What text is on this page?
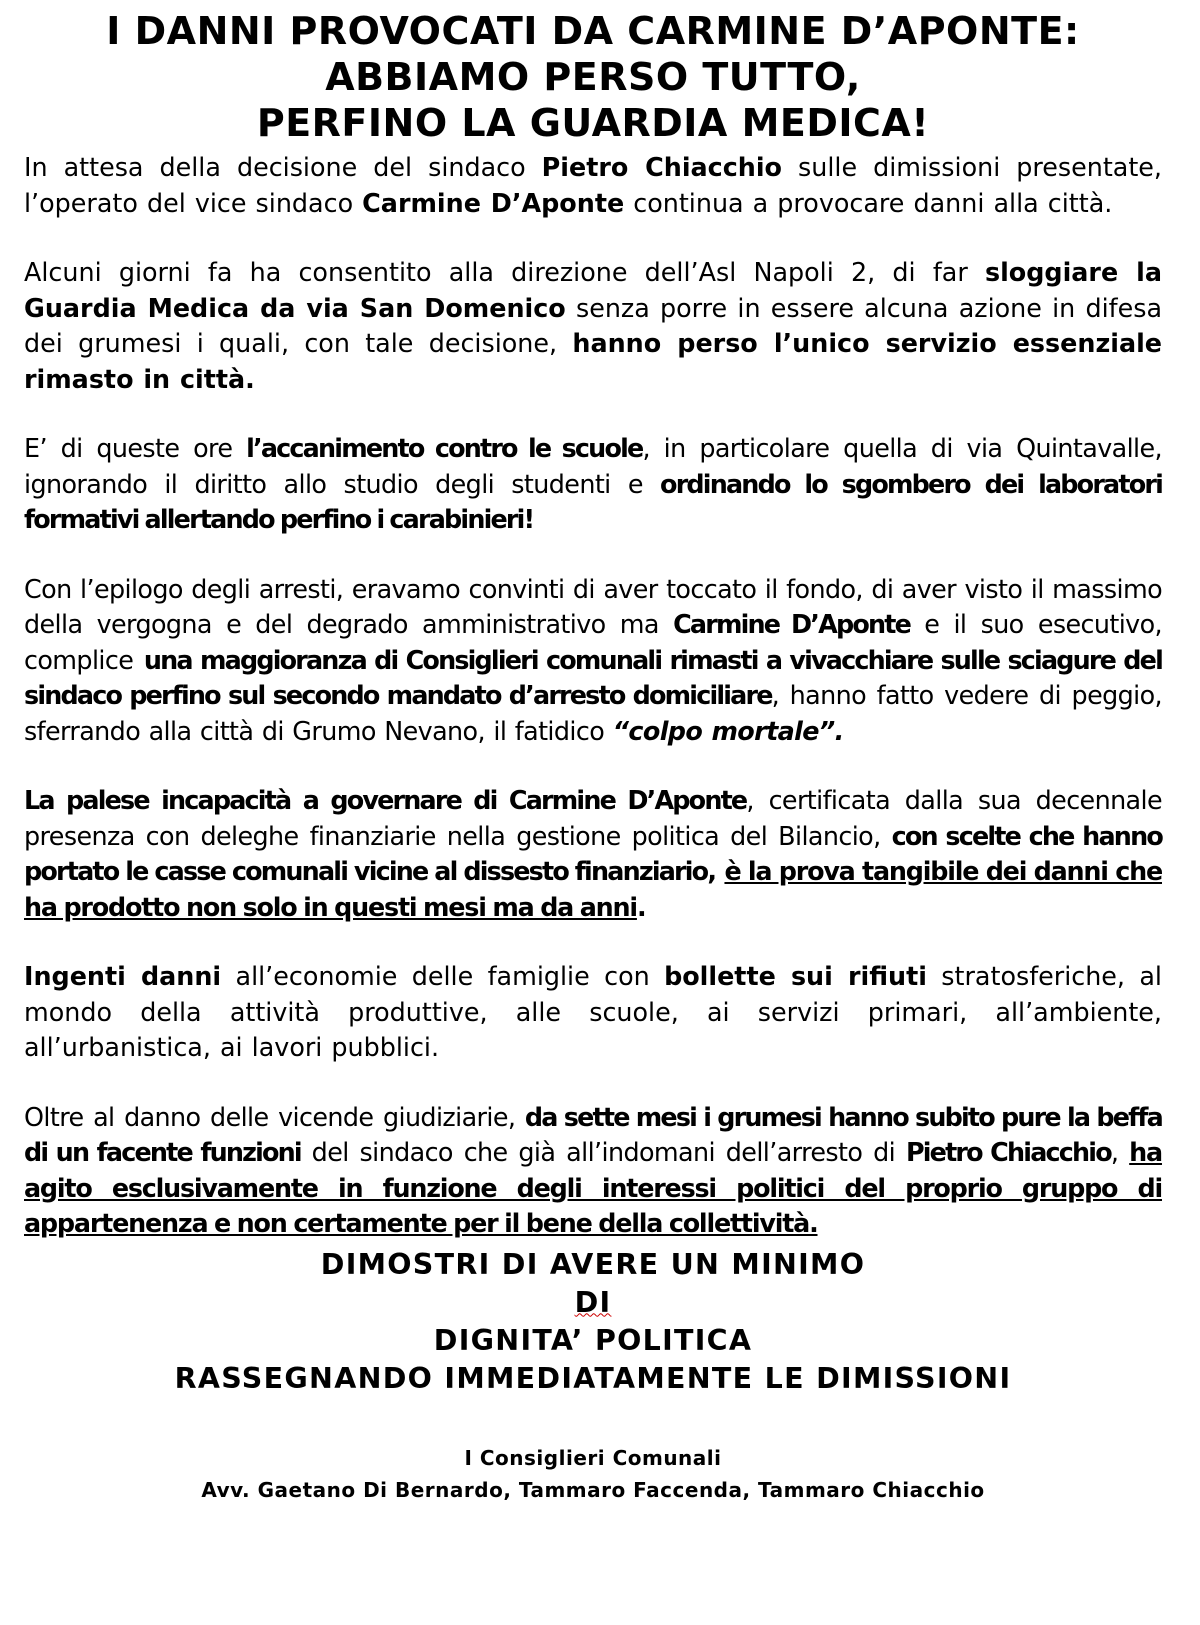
I DANNI PROVOCATI DA CARMINE D’APONTE:
ABBIAMO PERSO TUTTO,
PERFINO LA GUARDIA MEDICA!

In attesa della decisione del sindaco Pietro Chiacchio sulle dimissioni presentate, l’operato del vice sindaco Carmine D’Aponte continua a provocare danni alla città.

Alcuni giorni fa ha consentito alla direzione dell’Asl Napoli 2, di far sloggiare la Guardia Medica da via San Domenico senza porre in essere alcuna azione in difesa dei grumesi i quali, con tale decisione, hanno perso l’unico servizio essenziale rimasto in città.

E’ di queste ore l’accanimento contro le scuole, in particolare quella di via Quintavalle, ignorando il diritto allo studio degli studenti e ordinando lo sgombero dei laboratori formativi allertando perfino i carabinieri!

Con l’epilogo degli arresti, eravamo convinti di aver toccato il fondo, di aver visto il massimo della vergogna e del degrado amministrativo ma Carmine D’Aponte e il suo esecutivo, complice una maggioranza di Consiglieri comunali rimasti a vivacchiare sulle sciagure del sindaco perfino sul secondo mandato d’arresto domiciliare, hanno fatto vedere di peggio, sferrando alla città di Grumo Nevano, il fatidico “colpo mortale”.

La palese incapacità a governare di Carmine D’Aponte, certificata dalla sua decennale presenza con deleghe finanziarie nella gestione politica del Bilancio, con scelte che hanno portato le casse comunali vicine al dissesto finanziario, è la prova tangibile dei danni che ha prodotto non solo in questi mesi ma da anni.

Ingenti danni all’economie delle famiglie con bollette sui rifiuti stratosferiche, al mondo della attività produttive, alle scuole, ai servizi primari, all’ambiente, all’urbanistica, ai lavori pubblici.

Oltre al danno delle vicende giudiziarie, da sette mesi i grumesi hanno subito pure la beffa di un facente funzioni del sindaco che già all’indomani dell’arresto di Pietro Chiacchio, ha agito esclusivamente in funzione degli interessi politici del proprio gruppo di appartenenza e non certamente per il bene della collettività.

DIMOSTRI DI AVERE UN MINIMO
DI
DIGNITA’ POLITICA
RASSEGNANDO IMMEDIATAMENTE LE DIMISSIONI
I Consiglieri Comunali
Avv. Gaetano Di Bernardo, Tammaro Faccenda, Tammaro Chiacchio
